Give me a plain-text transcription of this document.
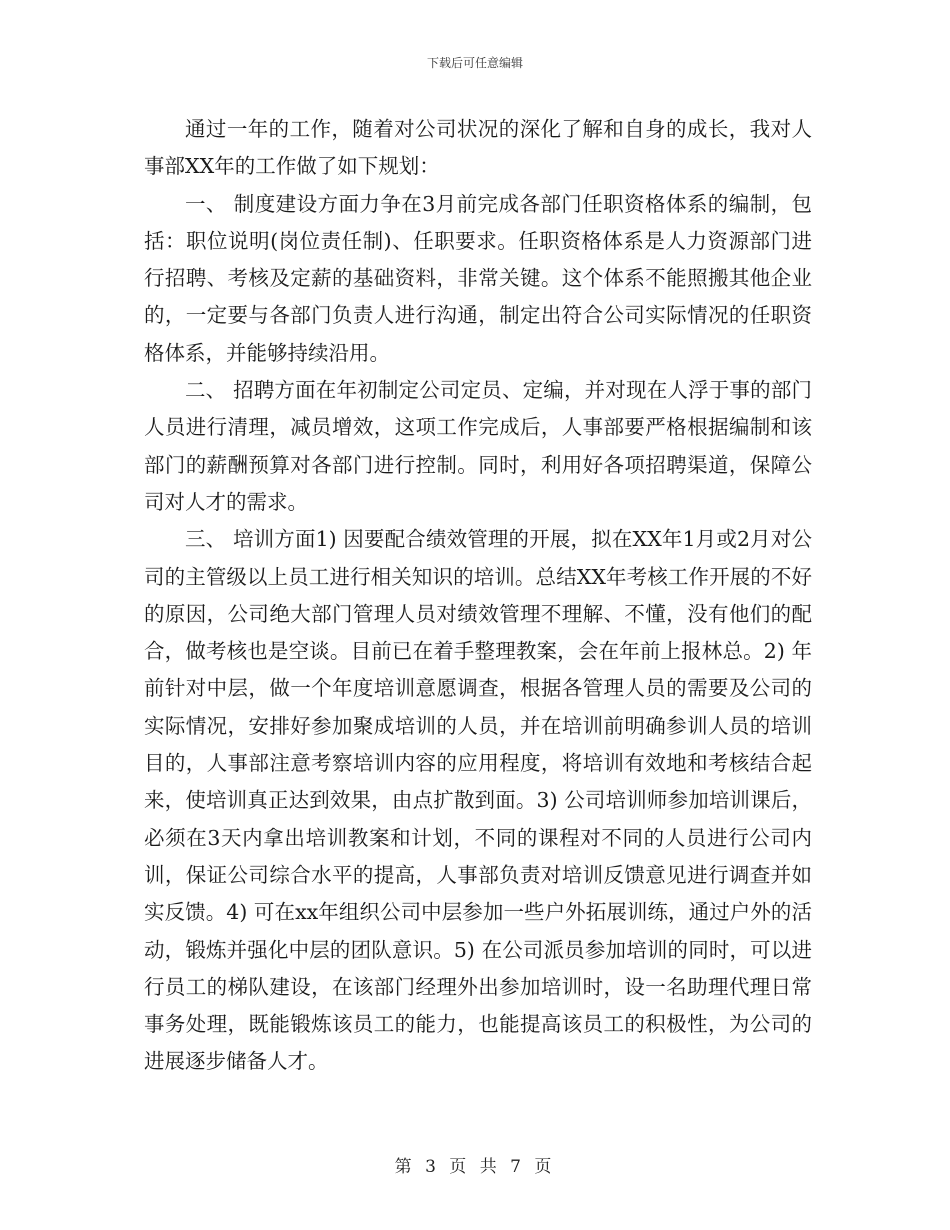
下载后可任意编辑

通过一年的工作，随着对公司状况的深化了解和自身的成长，我对人事部XX年的工作做了如下规划：

一、 制度建设方面力争在3月前完成各部门任职资格体系的编制，包括：职位说明(岗位责任制)、任职要求。任职资格体系是人力资源部门进行招聘、考核及定薪的基础资料，非常关键。这个体系不能照搬其他企业的，一定要与各部门负责人进行沟通，制定出符合公司实际情况的任职资格体系，并能够持续沿用。

二、 招聘方面在年初制定公司定员、定编，并对现在人浮于事的部门人员进行清理，减员增效，这项工作完成后，人事部要严格根据编制和该部门的薪酬预算对各部门进行控制。同时，利用好各项招聘渠道，保障公司对人才的需求。

三、 培训方面1) 因要配合绩效管理的开展，拟在XX年1月或2月对公司的主管级以上员工进行相关知识的培训。总结XX年考核工作开展的不好的原因，公司绝大部门管理人员对绩效管理不理解、不懂，没有他们的配合，做考核也是空谈。目前已在着手整理教案，会在年前上报林总。2) 年前针对中层，做一个年度培训意愿调查，根据各管理人员的需要及公司的实际情况，安排好参加聚成培训的人员，并在培训前明确参训人员的培训目的，人事部注意考察培训内容的应用程度，将培训有效地和考核结合起来，使培训真正达到效果，由点扩散到面。3) 公司培训师参加培训课后，必须在3天内拿出培训教案和计划，不同的课程对不同的人员进行公司内训，保证公司综合水平的提高，人事部负责对培训反馈意见进行调查并如实反馈。4) 可在xx年组织公司中层参加一些户外拓展训练，通过户外的活动，锻炼并强化中层的团队意识。5) 在公司派员参加培训的同时，可以进行员工的梯队建设，在该部门经理外出参加培训时，设一名助理代理日常事务处理，既能锻炼该员工的能力，也能提高该员工的积极性，为公司的进展逐步储备人才。

第 3 页 共 7 页
